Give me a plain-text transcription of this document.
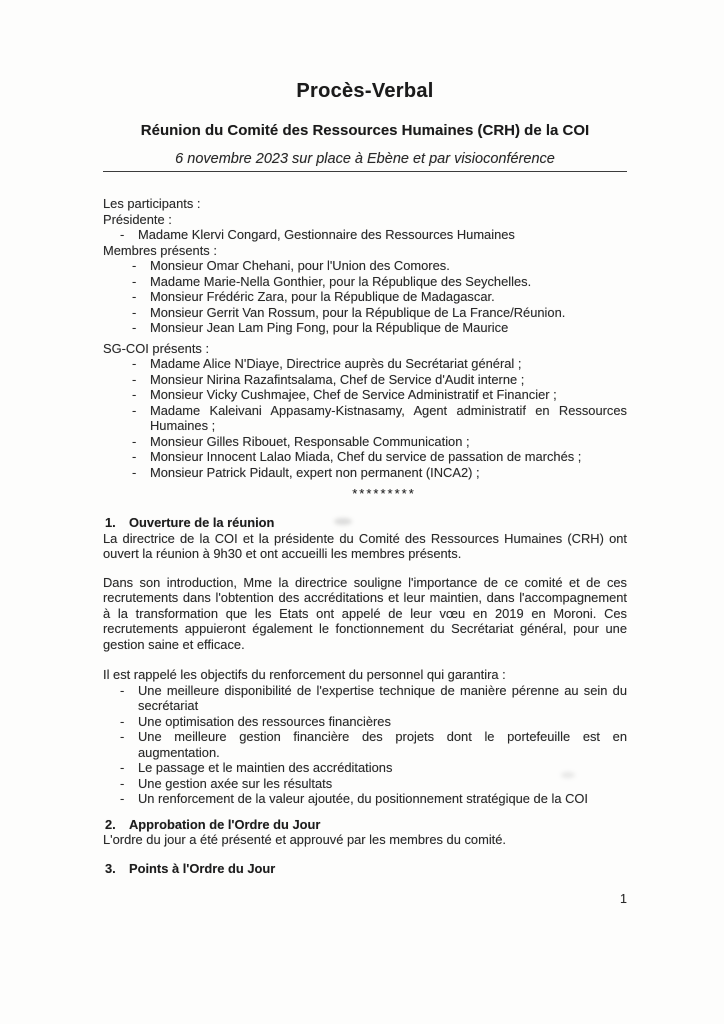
Procès-Verbal
Réunion du Comité des Ressources Humaines (CRH) de la COI
6 novembre 2023 sur place à Ebène et par visioconférence
Les participants :
Présidente :
-
Madame Klervi Congard, Gestionnaire des Ressources Humaines
Membres présents :
-
Monsieur Omar Chehani, pour l'Union des Comores.
-
Madame Marie-Nella Gonthier, pour la République des Seychelles.
-
Monsieur Frédéric Zara, pour la République de Madagascar.
-
Monsieur Gerrit Van Rossum, pour la République de La France/Réunion.
-
Monsieur Jean Lam Ping Fong, pour la République de Maurice
SG-COI présents :
-
Madame Alice N'Diaye, Directrice auprès du Secrétariat général ;
-
Monsieur Nirina Razafintsalama, Chef de Service d'Audit interne ;
-
Monsieur Vicky Cushmajee, Chef de Service Administratif et Financier ;
-
Madame Kaleivani Appasamy-Kistnasamy, Agent administratif en Ressources
Humaines ;
-
Monsieur Gilles Ribouet, Responsable Communication ;
-
Monsieur Innocent Lalao Miada, Chef du service de passation de marchés ;
-
Monsieur Patrick Pidault, expert non permanent (INCA2) ;
*********
1.	Ouverture de la réunion
La directrice de la COI et la présidente du Comité des Ressources Humaines (CRH) ont
ouvert la réunion à 9h30 et ont accueilli les membres présents.
Dans son introduction, Mme la directrice souligne l'importance de ce comité et de ces
recrutements dans l'obtention des accréditations et leur maintien, dans l'accompagnement
à la transformation que les Etats ont appelé de leur vœu en 2019 en Moroni. Ces
recrutements appuieront également le fonctionnement du Secrétariat général, pour une
gestion saine et efficace.
Il est rappelé les objectifs du renforcement du personnel qui garantira :
-
Une meilleure disponibilité de l'expertise technique de manière pérenne au sein du
secrétariat
-
Une optimisation des ressources financières
-
Une meilleure gestion financière des projets dont le portefeuille est en
augmentation.
-
Le passage et le maintien des accréditations
-
Une gestion axée sur les résultats
-
Un renforcement de la valeur ajoutée, du positionnement stratégique de la COI
2.	Approbation de l'Ordre du Jour
L'ordre du jour a été présenté et approuvé par les membres du comité.
3.	Points à l'Ordre du Jour
1
